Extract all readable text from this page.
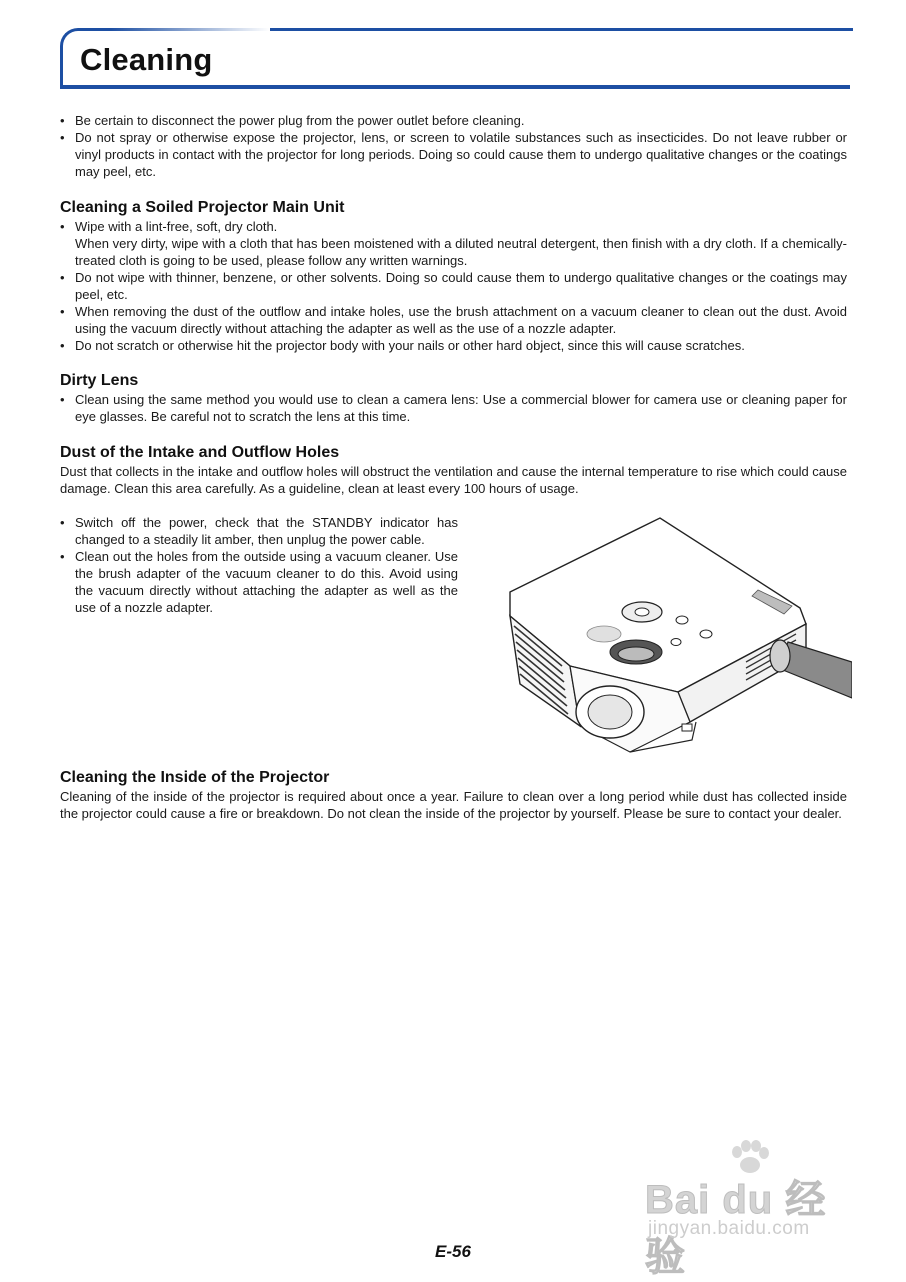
Cleaning
• Be certain to disconnect the power plug from the power outlet before cleaning.
• Do not spray or otherwise expose the projector, lens, or screen to volatile substances such as insecticides. Do not leave rubber or vinyl products in contact with the projector for long periods. Doing so could cause them to undergo qualitative changes or the coatings may peel, etc.
Cleaning a Soiled Projector Main Unit
• Wipe with a lint-free, soft, dry cloth.
When very dirty, wipe with a cloth that has been moistened with a diluted neutral detergent, then finish with a dry cloth. If a chemically-treated cloth is going to be used, please follow any written warnings.
• Do not wipe with thinner, benzene, or other solvents. Doing so could cause them to undergo qualitative changes or the coatings may peel, etc.
• When removing the dust of the outflow and intake holes, use the brush attachment on a vacuum cleaner to clean out the dust. Avoid using the vacuum directly without attaching the adapter as well as the use of a nozzle adapter.
• Do not scratch or otherwise hit the projector body with your nails or other hard object, since this will cause scratches.
Dirty Lens
• Clean using the same method you would use to clean a camera lens: Use a commercial blower for camera use or cleaning paper for eye glasses. Be careful not to scratch the lens at this time.
Dust of the Intake and Outflow Holes

Dust that collects in the intake and outflow holes will obstruct the ventilation and cause the internal temperature to rise which could cause damage. Clean this area carefully. As a guideline, clean at least every 100 hours of usage.

• Switch off the power, check that the STANDBY indicator has changed to a steadily lit amber, then unplug the power cable.
• Clean out the holes from the outside using a vacuum cleaner. Use the brush adapter of the vacuum cleaner to do this. Avoid using the vacuum directly without attaching the adapter as well as the use of a nozzle adapter.
Cleaning the Inside of the Projector

Cleaning of the inside of the projector is required about once a year. Failure to clean over a long period while dust has collected inside the projector could cause a fire or breakdown. Do not clean the inside of the projector by yourself. Please be sure to contact your dealer.

Bai du 经验
jingyan.baidu.com
E-56
